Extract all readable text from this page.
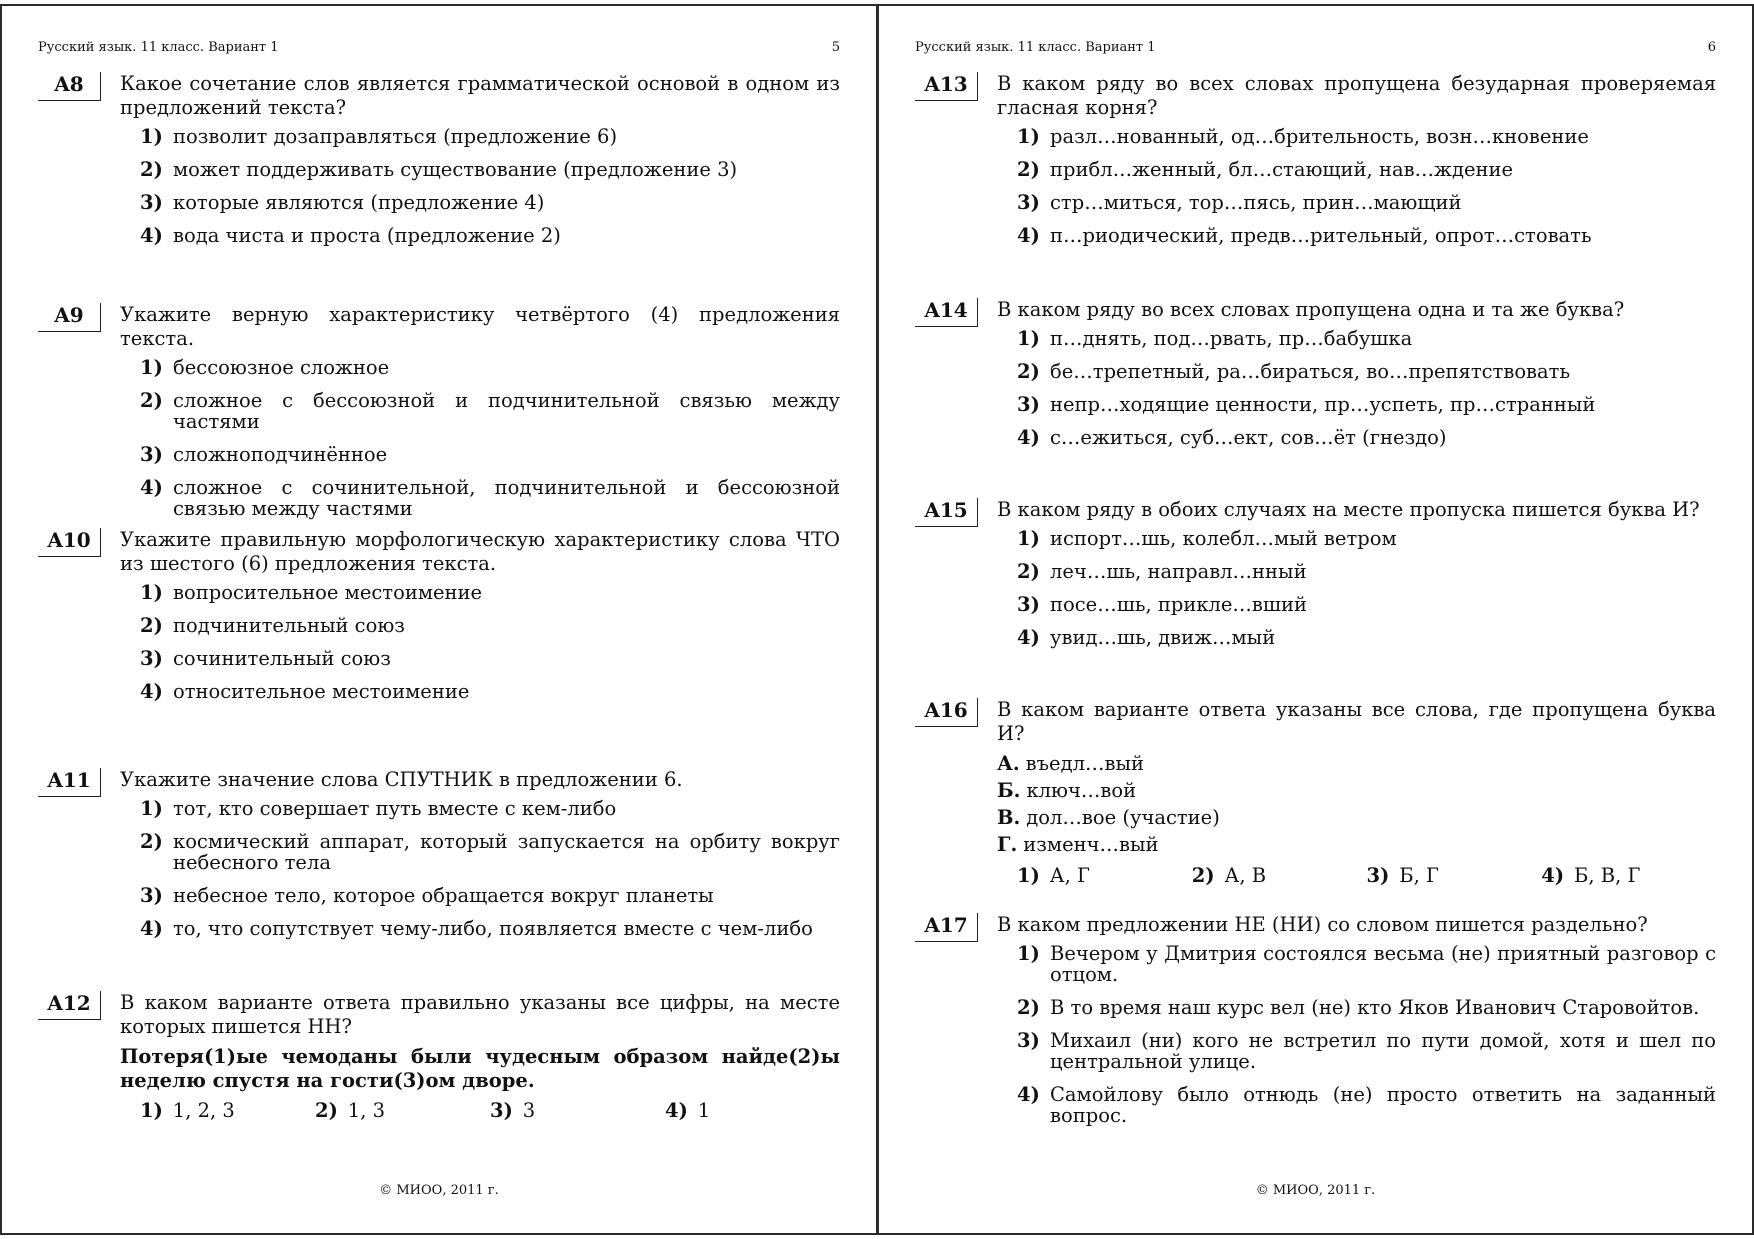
Русский язык. 11 класс. Вариант 1	5
A8	Какое сочетание слов является грамматической основой в одном из предложений текста?
1) позволит дозаправляться (предложение 6)
2) может поддерживать существование (предложение 3)
3) которые являются (предложение 4)
4) вода чиста и проста (предложение 2)
A9	Укажите верную характеристику четвёртого (4) предложения текста.
1) бессоюзное сложное
2) сложное с бессоюзной и подчинительной связью между частями
3) сложноподчинённое
4) сложное с сочинительной, подчинительной и бессоюзной связью между частями
A10	Укажите правильную морфологическую характеристику слова ЧТО из шестого (6) предложения текста.
1) вопросительное местоимение
2) подчинительный союз
3) сочинительный союз
4) относительное местоимение
A11	Укажите значение слова СПУТНИК в предложении 6.
1) тот, кто совершает путь вместе с кем-либо
2) космический аппарат, который запускается на орбиту вокруг небесного тела
3) небесное тело, которое обращается вокруг планеты
4) то, что сопутствует чему-либо, появляется вместе с чем-либо
A12	В каком варианте ответа правильно указаны все цифры, на месте которых пишется НН?
Потеря(1)ые чемоданы были чудесным образом найде(2)ы неделю спустя на гости(3)ом дворе.
1) 1, 2, 3	2) 1, 3	3) 3	4) 1
© МИОО, 2011 г.
Русский язык. 11 класс. Вариант 1	6
A13	В каком ряду во всех словах пропущена безударная проверяемая гласная корня?
1) разл…нованный, од…брительность, возн…кновение
2) прибл…женный, бл…стающий, нав…ждение
3) стр…миться, тор…пясь, прин…мающий
4) п…риодический, предв…рительный, опрот…стовать
A14	В каком ряду во всех словах пропущена одна и та же буква?
1) п…днять, под…рвать, пр…бабушка
2) бе…трепетный, ра…бираться, во…препятствовать
3) непр…ходящие ценности, пр…успеть, пр…странный
4) с…ежиться, суб…ект, сов…ёт (гнездо)
A15	В каком ряду в обоих случаях на месте пропуска пишется буква И?
1) испорт…шь, колебл…мый ветром
2) леч…шь, направл…нный
3) посе…шь, прикле…вший
4) увид…шь, движ…мый
A16	В каком варианте ответа указаны все слова, где пропущена буква И?
А. въедл…вый
Б. ключ…вой
В. дол…вое (участие)
Г. изменч…вый
1) А, Г	2) А, В	3) Б, Г	4) Б, В, Г
A17	В каком предложении НЕ (НИ) со словом пишется раздельно?
1) Вечером у Дмитрия состоялся весьма (не) приятный разговор с отцом.
2) В то время наш курс вел (не) кто Яков Иванович Старовойтов.
3) Михаил (ни) кого не встретил по пути домой, хотя и шел по центральной улице.
4) Самойлову было отнюдь (не) просто ответить на заданный вопрос.
© МИОО, 2011 г.
